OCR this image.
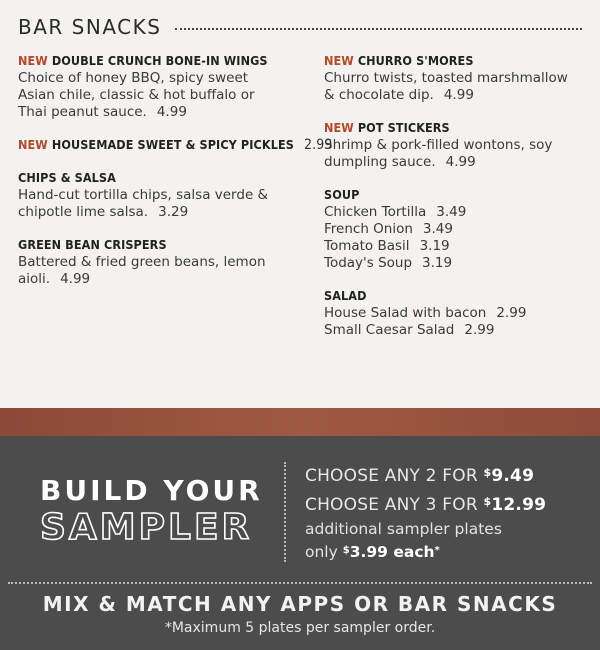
BAR SNACKS
NEW DOUBLE CRUNCH BONE-IN WINGS
Choice of honey BBQ, spicy sweet
Asian chile, classic & hot buffalo or
Thai peanut sauce. 4.99
NEW HOUSEMADE SWEET & SPICY PICKLES 2.99
CHIPS & SALSA
Hand-cut tortilla chips, salsa verde &
chipotle lime salsa. 3.29
GREEN BEAN CRISPERS
Battered & fried green beans, lemon
aioli. 4.99
NEW CHURRO S'MORES
Churro twists, toasted marshmallow
& chocolate dip. 4.99
NEW POT STICKERS
Shrimp & pork-filled wontons, soy
dumpling sauce. 4.99
SOUP
Chicken Tortilla 3.49
French Onion 3.49
Tomato Basil 3.19
Today's Soup 3.19
SALAD
House Salad with bacon 2.99
Small Caesar Salad 2.99
BUILD YOUR
SAMPLER
CHOOSE ANY 2 FOR $9.49
CHOOSE ANY 3 FOR $12.99
additional sampler plates
only $3.99 each*
MIX & MATCH ANY APPS OR BAR SNACKS
*Maximum 5 plates per sampler order.
